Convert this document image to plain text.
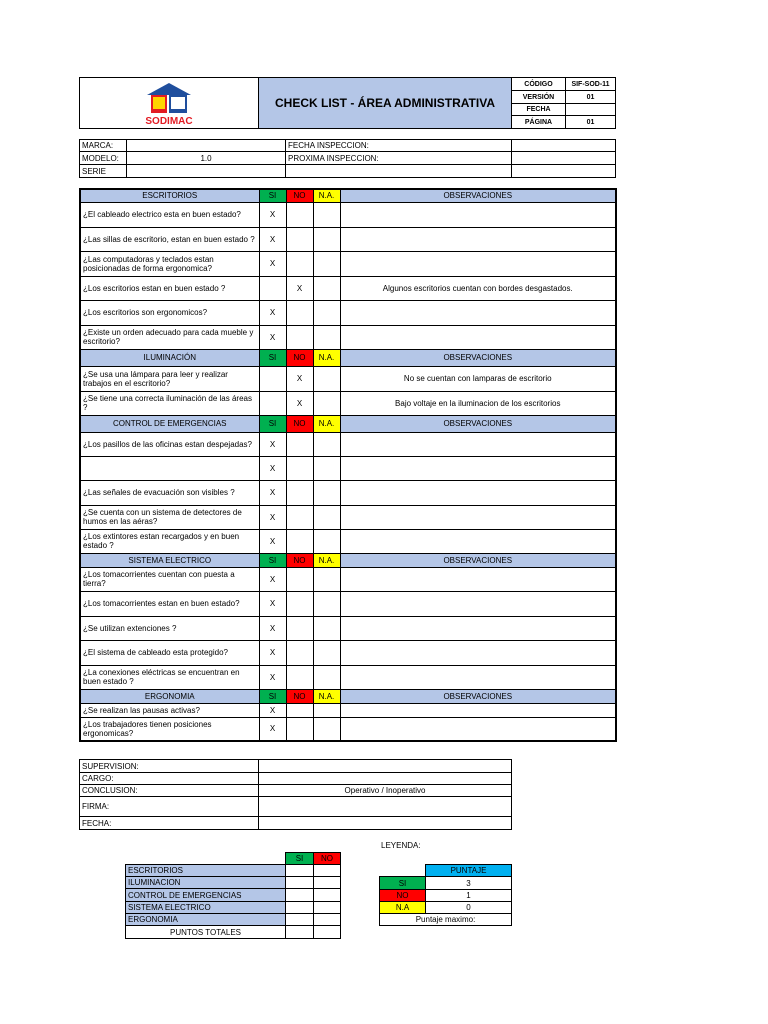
SODIMAC	CHECK LIST - ÁREA ADMINISTRATIVA	CÓDIGO	SIF-SOD-11
		VERSIÓN	01
		FECHA	
		PÁGINA	01
MARCA:		FECHA INSPECCION:	
MODELO:	1.0	PROXIMA INSPECCION:	
SERIE			
ESCRITORIOS	SI	NO	N.A.	OBSERVACIONES
¿El cableado electrico esta en buen estado?	X			
¿Las sillas de escritorio, estan en buen estado ?	X			
¿Las computadoras y teclados estan posicionadas de forma ergonomica?	X			
¿Los escritorios estan en buen estado ?		X		Algunos escritorios cuentan con bordes desgastados.
¿Los escritorios son ergonomicos?	X			
¿Existe un orden adecuado para cada mueble y escritorio?	X			
ILUMINACIÓN	SI	NO	N.A.	OBSERVACIONES
¿Se usa una lámpara para leer y realizar trabajos en el escritorio?		X		No se cuentan con lamparas de escritorio
¿Se tiene una correcta iluminación de las áreas ?		X		Bajo voltaje en la iluminacion de los escritorios
CONTROL DE EMERGENCIAS	SI	NO	N.A.	OBSERVACIONES
¿Los pasillos de las oficinas estan despejadas?	X			
	X			
¿Las señales de evacuación son visibles ?	X			
¿Se cuenta con un sistema de detectores de humos en las aéras?	X			
¿Los extintores estan recargados y en buen estado ?	X			
SISTEMA ELECTRICO	SI	NO	N.A.	OBSERVACIONES
¿Los tomacorrientes cuentan con puesta a tierra?	X			
¿Los tomacorrientes estan en buen estado?	X			
¿Se utilizan extenciones ?	X			
¿El sistema de cableado esta protegido?	X			
¿La conexiones eléctricas se encuentran en buen estado ?	X			
ERGONOMIA	SI	NO	N.A.	OBSERVACIONES
¿Se realizan las pausas activas?	X			
¿Los trabajadores tienen posiciones ergonomicas?	X			
SUPERVISION:	
CARGO:	
CONCLUSION:	Operativo / Inoperativo
FIRMA:	
FECHA:	
	SI	NO
ESCRITORIOS		
ILUMINACION		
CONTROL DE EMERGENCIAS		
SISTEMA ELECTRICO		
ERGONOMIA		
PUNTOS TOTALES		
LEYENDA:
	PUNTAJE
SI	3
NO	1
N.A	0
Puntaje maximo:	
